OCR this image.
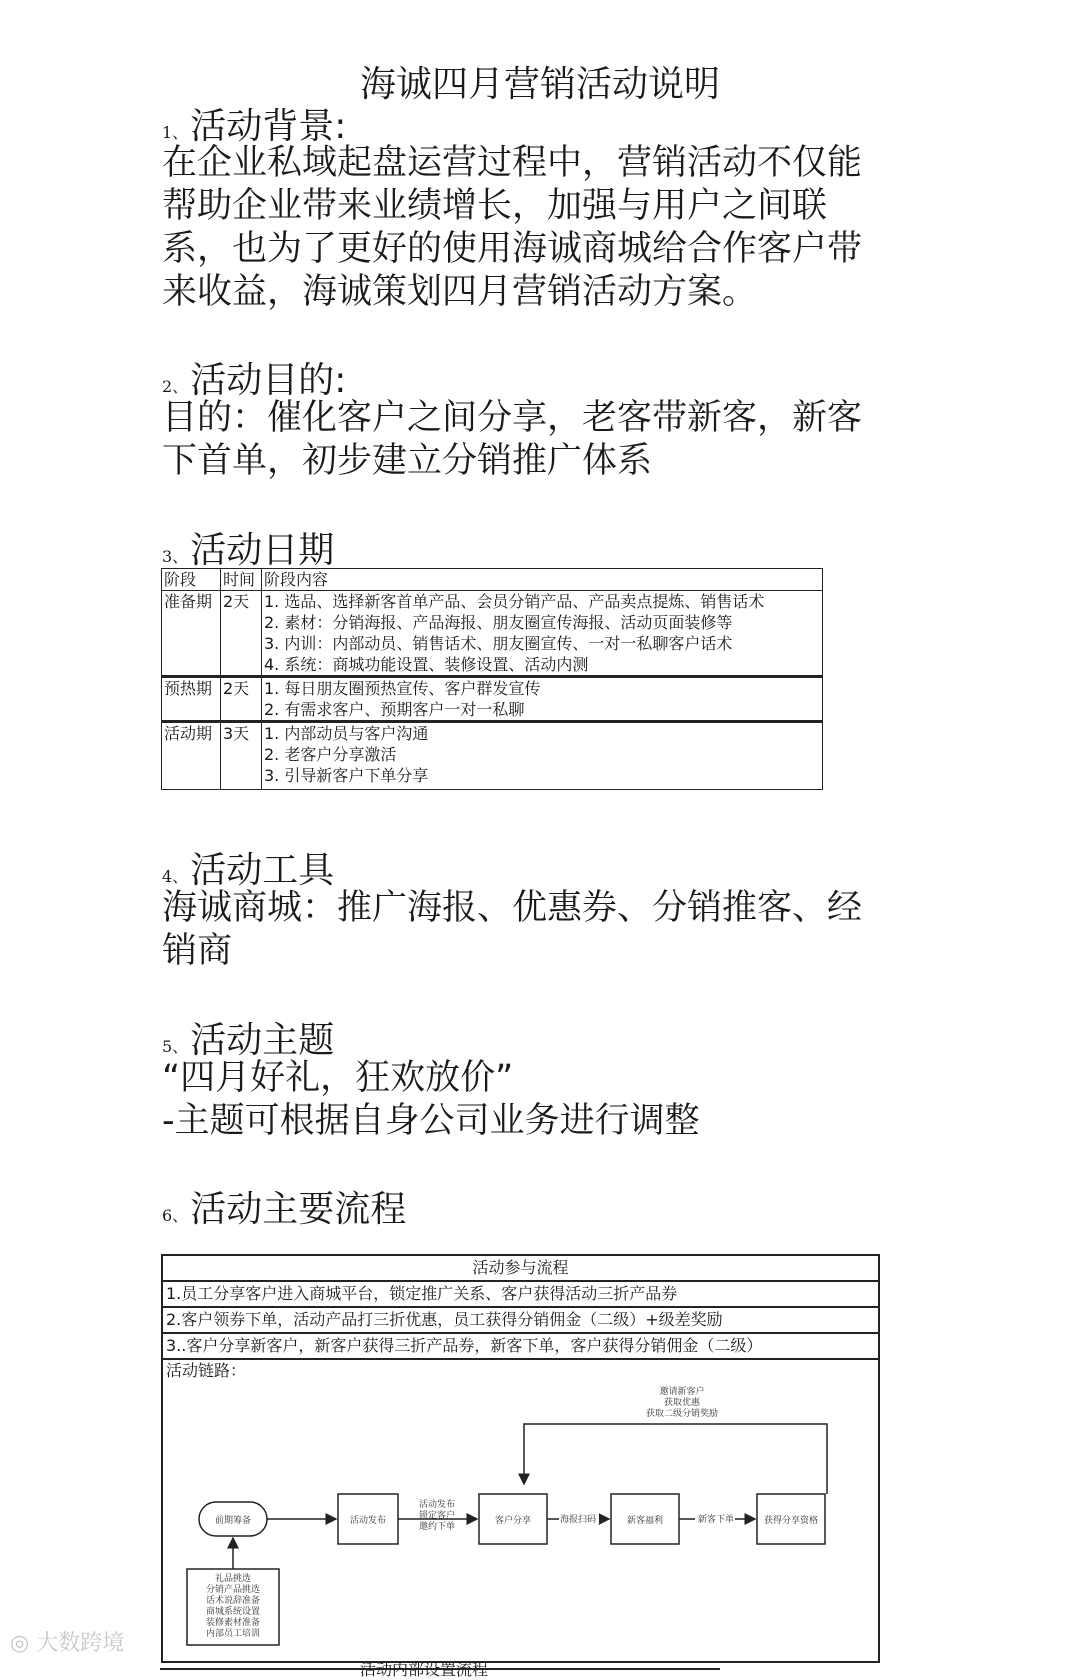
海诚四月营销活动说明
1、活动背景:
在企业私域起盘运营过程中，营销活动不仅能
帮助企业带来业绩增长，加强与用户之间联
系，也为了更好的使用海诚商城给合作客户带
来收益，海诚策划四月营销活动方案。
2、活动目的:
目的：催化客户之间分享，老客带新客，新客
下首单，初步建立分销推广体系
3、活动日期
阶段	时间	阶段内容
准备期	2天	1. 选品、选择新客首单产品、会员分销产品、产品卖点提炼、销售话术
2. 素材：分销海报、产品海报、朋友圈宣传海报、活动页面装修等
3. 内训：内部动员、销售话术、朋友圈宣传、一对一私聊客户话术
4. 系统：商城功能设置、装修设置、活动内测

预热期	2天	1. 每日朋友圈预热宣传、客户群发宣传
2. 有需求客户、预期客户一对一私聊

活动期	3天	1. 内部动员与客户沟通
2. 老客户分享激活
3. 引导新客户下单分享
4、活动工具
海诚商城：推广海报、优惠券、分销推客、经
销商
5、活动主题
“四月好礼，狂欢放价”
-主题可根据自身公司业务进行调整
6、活动主要流程
活动参与流程
1.员工分享客户进入商城平台，锁定推广关系、客户获得活动三折产品券
2.客户领券下单，活动产品打三折优惠，员工获得分销佣金（二级）+级差奖励
3..客户分享新客户，新客户获得三折产品券，新客下单，客户获得分销佣金（二级）
活动链路：
邀请新客户
获取优惠
获取二级分销奖励
前期筹备	活动发布	客户分享	新客福利	获得分享资格
活动发布
锁定客户
邀约下单
海报扫码	新客下单
礼品挑选
分销产品挑选
话术说辞准备
商城系统设置
装修素材准备
内部员工培训
◎ 大数跨境
活动内部设置流程
